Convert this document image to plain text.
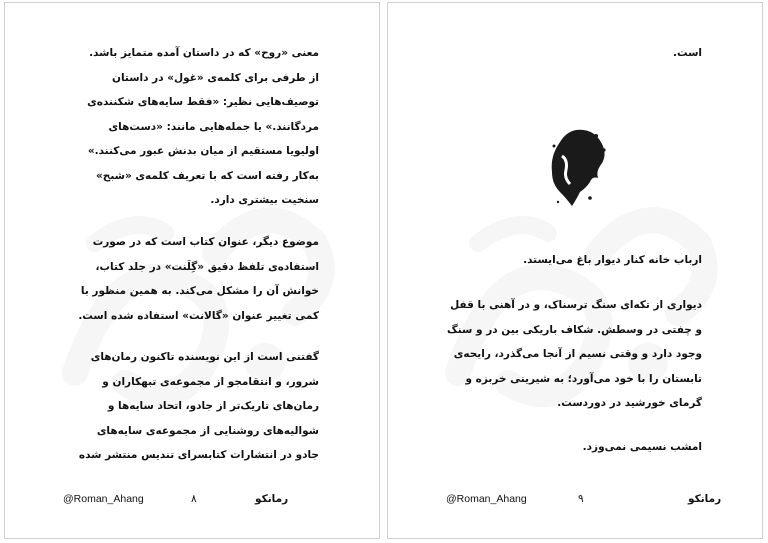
معنی «روح» که در داستان آمده متمایز باشد.
از طرفی برای کلمه‌ی «غول» در داستان
توصیف‌هایی نظیر: «فقط سایه‌های شکننده‌ی
مردگانند.» یا جمله‌هایی مانند: «دست‌های
اولیویا مستقیم از میان بدنش عبور می‌کنند.»
به‌کار رفته است که با تعریف کلمه‌ی «شبح»
سنخیت بیشتری دارد.
موضوع دیگر، عنوان کتاب است که در صورت
استفاده‌ی تلفظ دقیق «گِلَنت» در جلد کتاب،
خوانش آن را مشکل می‌کند. به همین منظور با
کمی تغییر عنوان «گالانت» استفاده شده است.
گفتنی است از این نویسنده تاکنون رمان‌های
شرور، و انتقامجو از مجموعه‌ی تبهکاران و
رمان‌های تاریک‌تر از جادو، اتحاد سایه‌ها و
شوالیه‌های روشنایی از مجموعه‌ی سایه‌های
جادو در انتشارات کتابسرای تندیس منتشر شده
@Roman_Ahang	۸	رمانکو
است.
ارباب خانه کنار دیوار باغ می‌ایستد.
دیواری از تکه‌ای سنگ ترسناک، و در آهنی با قفل
و چفتی در وسطش. شکاف باریکی بین در و سنگ
وجود دارد و وقتی نسیم از آنجا می‌گذرد، رایحه‌ی
تابستان را با خود می‌آورد؛ به شیرینی خربزه و
گرمای خورشید در دوردست.
امشب نسیمی نمی‌وزد.
@Roman_Ahang	۹	رمانکو
